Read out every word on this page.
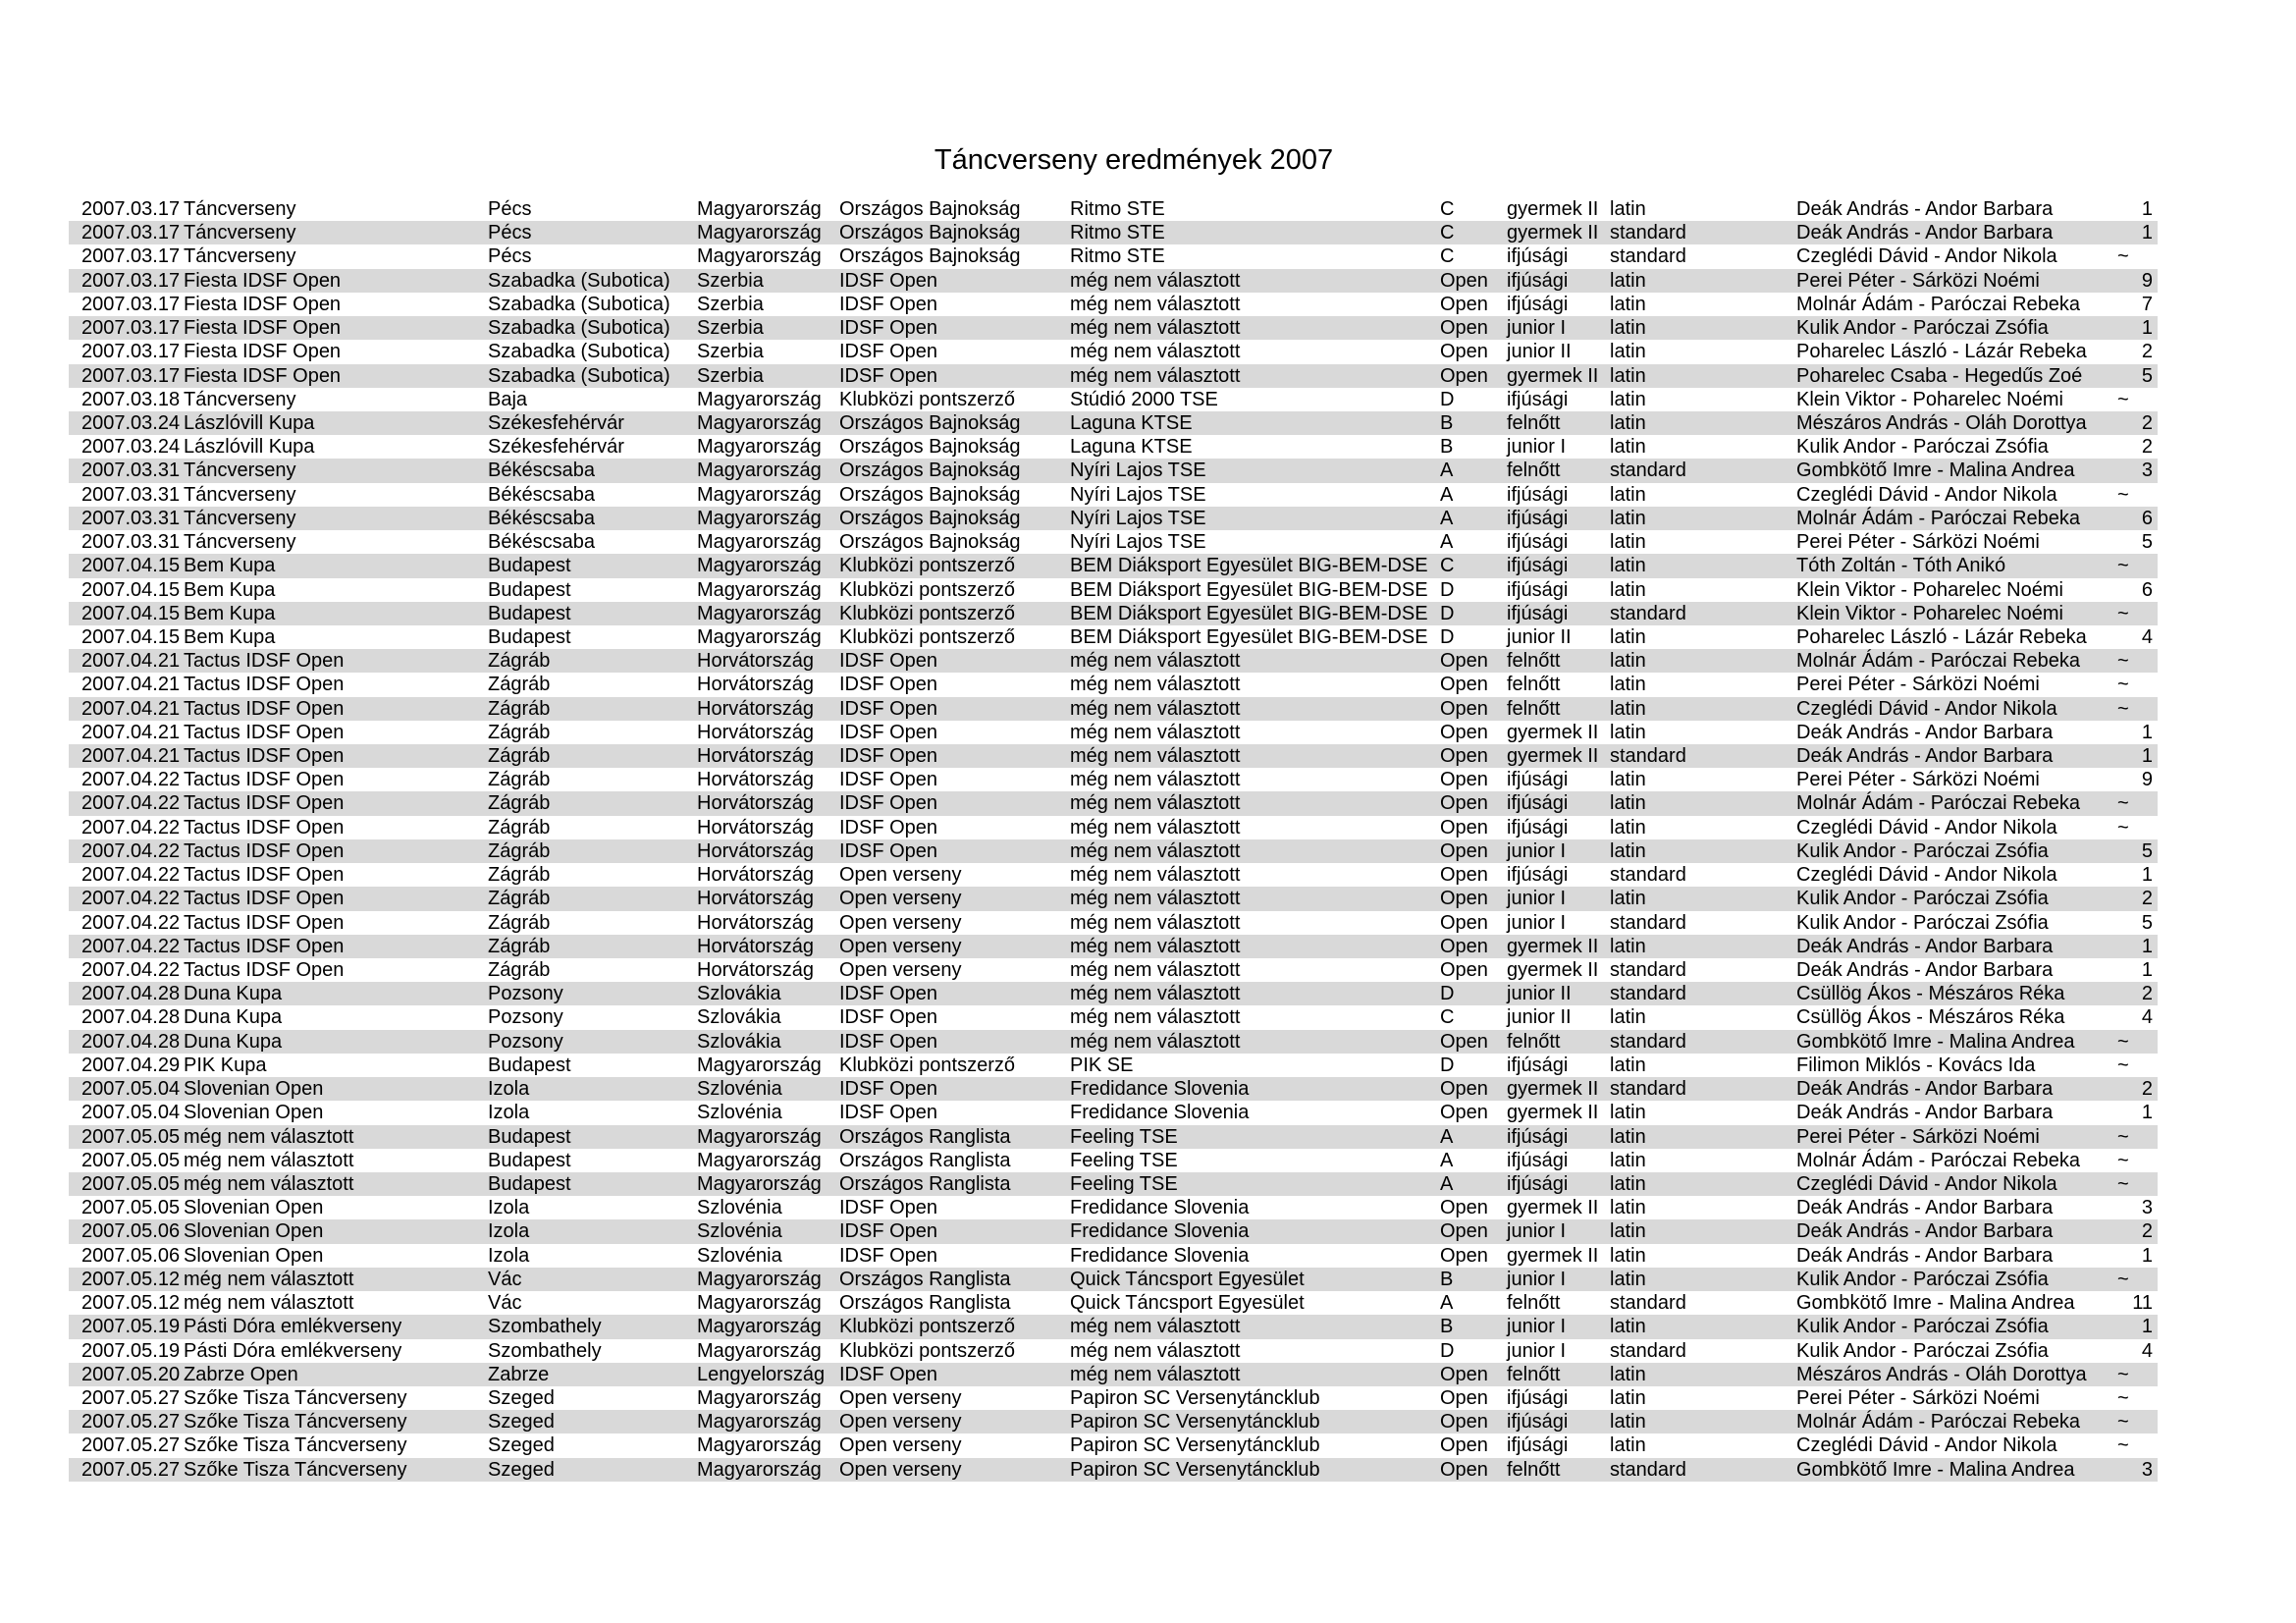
Táncverseny eredmények 2007
2007.03.17 Táncverseny	Pécs	Magyarország Országos Bajnokság	Ritmo STE	C	gyermek II latin	Deák András - Andor Barbara	1
2007.03.17 Táncverseny	Pécs	Magyarország Országos Bajnokság	Ritmo STE	C	gyermek II standard	Deák András - Andor Barbara	1
2007.03.17 Táncverseny	Pécs	Magyarország Országos Bajnokság	Ritmo STE	C	ifjúsági	standard	Czeglédi Dávid - Andor Nikola	~
2007.03.17 Fiesta IDSF Open	Szabadka (Subotica)	Szerbia	IDSF Open	még nem választott	Open ifjúsági	latin	Perei Péter - Sárközi Noémi	9
2007.03.17 Fiesta IDSF Open	Szabadka (Subotica)	Szerbia	IDSF Open	még nem választott	Open ifjúsági	latin	Molnár Ádám - Paróczai Rebeka	7
2007.03.17 Fiesta IDSF Open	Szabadka (Subotica)	Szerbia	IDSF Open	még nem választott	Open junior I	latin	Kulik Andor - Paróczai Zsófia	1
2007.03.17 Fiesta IDSF Open	Szabadka (Subotica)	Szerbia	IDSF Open	még nem választott	Open junior II	latin	Poharelec László - Lázár Rebeka	2
2007.03.17 Fiesta IDSF Open	Szabadka (Subotica)	Szerbia	IDSF Open	még nem választott	Open gyermek II latin	Poharelec Csaba - Hegedűs Zoé	5
2007.03.18 Táncverseny	Baja	Magyarország Klubközi pontszerző	Stúdió 2000 TSE	D	ifjúsági	latin	Klein Viktor - Poharelec Noémi	~
2007.03.24 Lászlóvill Kupa	Székesfehérvár	Magyarország Országos Bajnokság	Laguna KTSE	B	felnőtt	latin	Mészáros András - Oláh Dorottya	2
2007.03.24 Lászlóvill Kupa	Székesfehérvár	Magyarország Országos Bajnokság	Laguna KTSE	B	junior I	latin	Kulik Andor - Paróczai Zsófia	2
2007.03.31 Táncverseny	Békéscsaba	Magyarország Országos Bajnokság	Nyíri Lajos TSE	A	felnőtt	standard	Gombkötő Imre - Malina Andrea	3
2007.03.31 Táncverseny	Békéscsaba	Magyarország Országos Bajnokság	Nyíri Lajos TSE	A	ifjúsági	latin	Czeglédi Dávid - Andor Nikola	~
2007.03.31 Táncverseny	Békéscsaba	Magyarország Országos Bajnokság	Nyíri Lajos TSE	A	ifjúsági	latin	Molnár Ádám - Paróczai Rebeka	6
2007.03.31 Táncverseny	Békéscsaba	Magyarország Országos Bajnokság	Nyíri Lajos TSE	A	ifjúsági	latin	Perei Péter - Sárközi Noémi	5
2007.04.15 Bem Kupa	Budapest	Magyarország Klubközi pontszerző	BEM Diáksport Egyesület BIG-BEM-DSE C	ifjúsági	latin	Tóth Zoltán - Tóth Anikó	~
2007.04.15 Bem Kupa	Budapest	Magyarország Klubközi pontszerző	BEM Diáksport Egyesület BIG-BEM-DSE D	ifjúsági	latin	Klein Viktor - Poharelec Noémi	6
2007.04.15 Bem Kupa	Budapest	Magyarország Klubközi pontszerző	BEM Diáksport Egyesület BIG-BEM-DSE D	ifjúsági	standard	Klein Viktor - Poharelec Noémi	~
2007.04.15 Bem Kupa	Budapest	Magyarország Klubközi pontszerző	BEM Diáksport Egyesület BIG-BEM-DSE D	junior II	latin	Poharelec László - Lázár Rebeka	4
2007.04.21 Tactus IDSF Open	Zágráb	Horvátország	IDSF Open	még nem választott	Open felnőtt	latin	Molnár Ádám - Paróczai Rebeka	~
2007.04.21 Tactus IDSF Open	Zágráb	Horvátország	IDSF Open	még nem választott	Open felnőtt	latin	Perei Péter - Sárközi Noémi	~
2007.04.21 Tactus IDSF Open	Zágráb	Horvátország	IDSF Open	még nem választott	Open felnőtt	latin	Czeglédi Dávid - Andor Nikola	~
2007.04.21 Tactus IDSF Open	Zágráb	Horvátország	IDSF Open	még nem választott	Open gyermek II latin	Deák András - Andor Barbara	1
2007.04.21 Tactus IDSF Open	Zágráb	Horvátország	IDSF Open	még nem választott	Open gyermek II standard	Deák András - Andor Barbara	1
2007.04.22 Tactus IDSF Open	Zágráb	Horvátország	IDSF Open	még nem választott	Open ifjúsági	latin	Perei Péter - Sárközi Noémi	9
2007.04.22 Tactus IDSF Open	Zágráb	Horvátország	IDSF Open	még nem választott	Open ifjúsági	latin	Molnár Ádám - Paróczai Rebeka	~
2007.04.22 Tactus IDSF Open	Zágráb	Horvátország	IDSF Open	még nem választott	Open ifjúsági	latin	Czeglédi Dávid - Andor Nikola	~
2007.04.22 Tactus IDSF Open	Zágráb	Horvátország	IDSF Open	még nem választott	Open junior I	latin	Kulik Andor - Paróczai Zsófia	5
2007.04.22 Tactus IDSF Open	Zágráb	Horvátország	Open verseny	még nem választott	Open ifjúsági	standard	Czeglédi Dávid - Andor Nikola	1
2007.04.22 Tactus IDSF Open	Zágráb	Horvátország	Open verseny	még nem választott	Open junior I	latin	Kulik Andor - Paróczai Zsófia	2
2007.04.22 Tactus IDSF Open	Zágráb	Horvátország	Open verseny	még nem választott	Open junior I	standard	Kulik Andor - Paróczai Zsófia	5
2007.04.22 Tactus IDSF Open	Zágráb	Horvátország	Open verseny	még nem választott	Open gyermek II latin	Deák András - Andor Barbara	1
2007.04.22 Tactus IDSF Open	Zágráb	Horvátország	Open verseny	még nem választott	Open gyermek II standard	Deák András - Andor Barbara	1
2007.04.28 Duna Kupa	Pozsony	Szlovákia	IDSF Open	még nem választott	D	junior II	standard	Csüllög Ákos - Mészáros Réka	2
2007.04.28 Duna Kupa	Pozsony	Szlovákia	IDSF Open	még nem választott	C	junior II	latin	Csüllög Ákos - Mészáros Réka	4
2007.04.28 Duna Kupa	Pozsony	Szlovákia	IDSF Open	még nem választott	Open felnőtt	standard	Gombkötő Imre - Malina Andrea	~
2007.04.29 PIK Kupa	Budapest	Magyarország Klubközi pontszerző	PIK SE	D	ifjúsági	latin	Filimon Miklós - Kovács Ida	~
2007.05.04 Slovenian Open	Izola	Szlovénia	IDSF Open	Fredidance Slovenia	Open gyermek II standard	Deák András - Andor Barbara	2
2007.05.04 Slovenian Open	Izola	Szlovénia	IDSF Open	Fredidance Slovenia	Open gyermek II latin	Deák András - Andor Barbara	1
2007.05.05 még nem választott	Budapest	Magyarország Országos Ranglista	Feeling TSE	A	ifjúsági	latin	Perei Péter - Sárközi Noémi	~
2007.05.05 még nem választott	Budapest	Magyarország Országos Ranglista	Feeling TSE	A	ifjúsági	latin	Molnár Ádám - Paróczai Rebeka	~
2007.05.05 még nem választott	Budapest	Magyarország Országos Ranglista	Feeling TSE	A	ifjúsági	latin	Czeglédi Dávid - Andor Nikola	~
2007.05.05 Slovenian Open	Izola	Szlovénia	IDSF Open	Fredidance Slovenia	Open gyermek II latin	Deák András - Andor Barbara	3
2007.05.06 Slovenian Open	Izola	Szlovénia	IDSF Open	Fredidance Slovenia	Open junior I	latin	Deák András - Andor Barbara	2
2007.05.06 Slovenian Open	Izola	Szlovénia	IDSF Open	Fredidance Slovenia	Open gyermek II latin	Deák András - Andor Barbara	1
2007.05.12 még nem választott	Vác	Magyarország Országos Ranglista	Quick Táncsport Egyesület	B	junior I	latin	Kulik Andor - Paróczai Zsófia	~
2007.05.12 még nem választott	Vác	Magyarország Országos Ranglista	Quick Táncsport Egyesület	A	felnőtt	standard	Gombkötő Imre - Malina Andrea	11
2007.05.19 Pásti Dóra emlékverseny	Szombathely	Magyarország Klubközi pontszerző	még nem választott	B	junior I	latin	Kulik Andor - Paróczai Zsófia	1
2007.05.19 Pásti Dóra emlékverseny	Szombathely	Magyarország Klubközi pontszerző	még nem választott	D	junior I	standard	Kulik Andor - Paróczai Zsófia	4
2007.05.20 Zabrze Open	Zabrze	Lengyelország IDSF Open	még nem választott	Open felnőtt	latin	Mészáros András - Oláh Dorottya	~
2007.05.27 Szőke Tisza Táncverseny	Szeged	Magyarország Open verseny	Papiron SC Versenytáncklub	Open ifjúsági	latin	Perei Péter - Sárközi Noémi	~
2007.05.27 Szőke Tisza Táncverseny	Szeged	Magyarország Open verseny	Papiron SC Versenytáncklub	Open ifjúsági	latin	Molnár Ádám - Paróczai Rebeka	~
2007.05.27 Szőke Tisza Táncverseny	Szeged	Magyarország Open verseny	Papiron SC Versenytáncklub	Open ifjúsági	latin	Czeglédi Dávid - Andor Nikola	~
2007.05.27 Szőke Tisza Táncverseny	Szeged	Magyarország Open verseny	Papiron SC Versenytáncklub	Open felnőtt	standard	Gombkötő Imre - Malina Andrea	3
